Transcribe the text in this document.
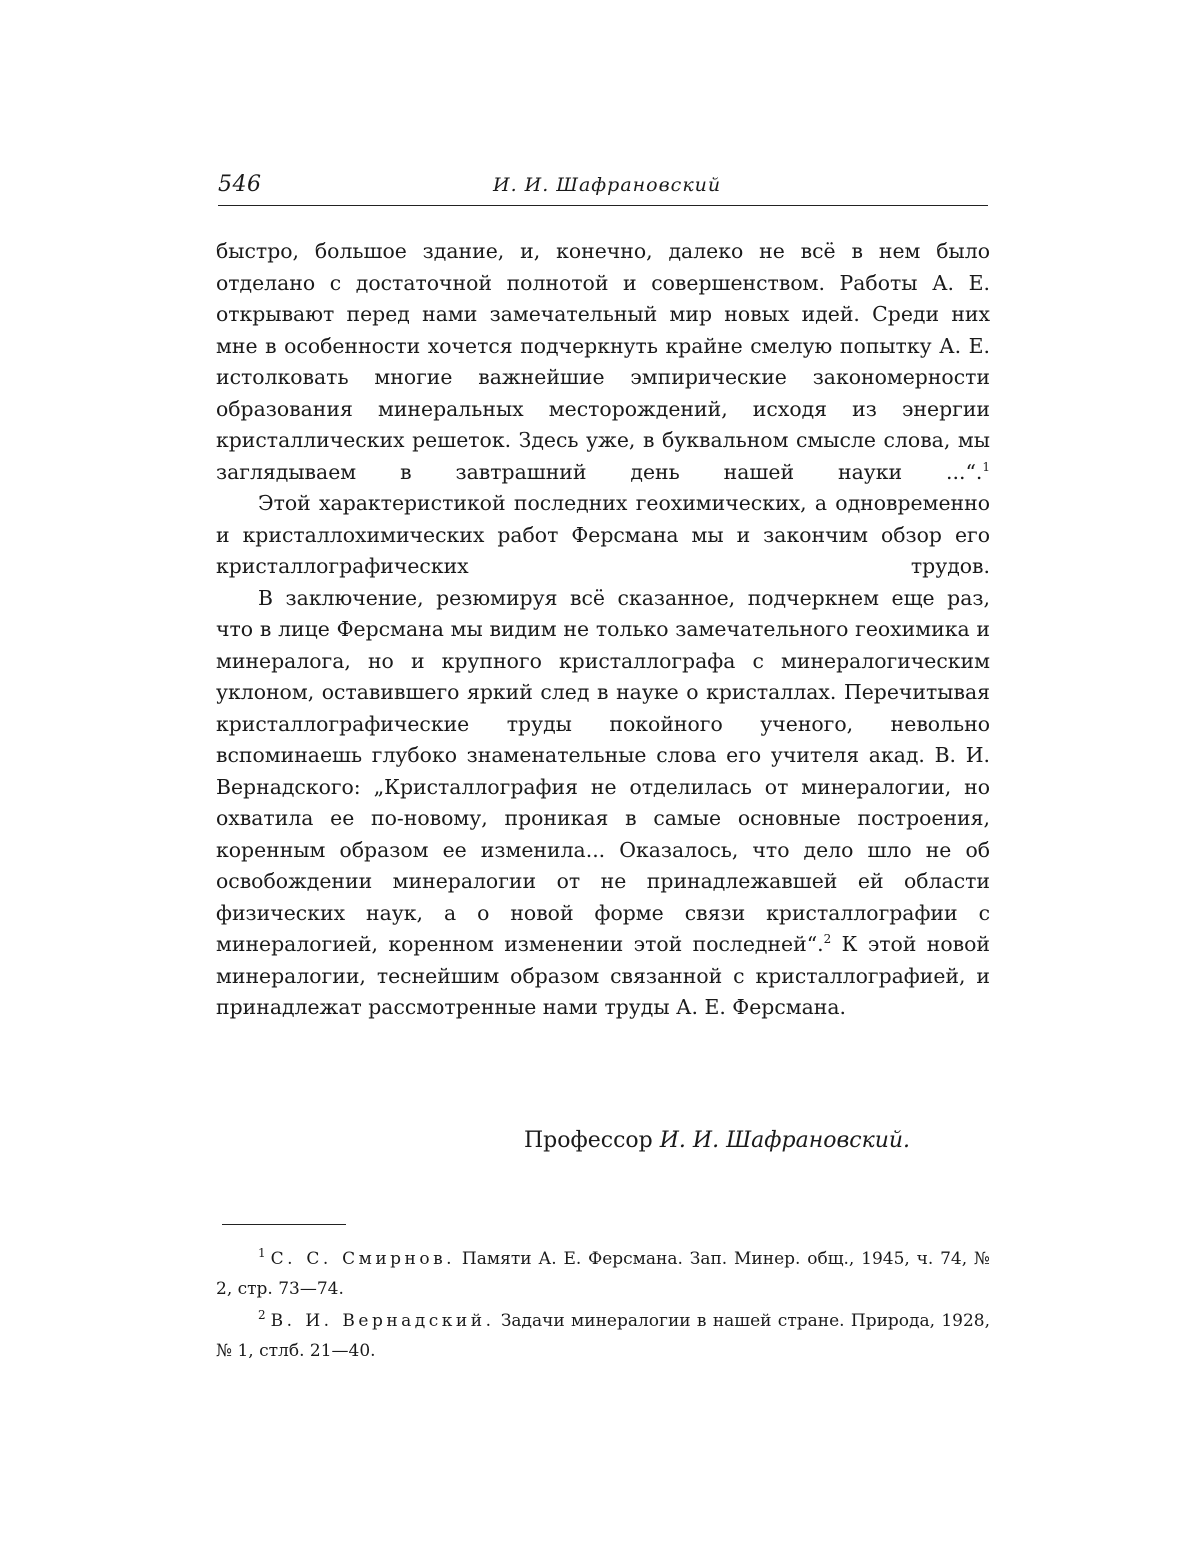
546	И. И. Шафрановский

быстро, большое здание, и, конечно, далеко не всё в нем было отделано с достаточной полнотой и совершенством. Работы А. Е. открывают перед нами замечательный мир новых идей. Среди них мне в особенности хочется подчеркнуть крайне смелую попытку А. Е. истолковать многие важнейшие эмпирические закономерности образования минеральных месторождений, исходя из энергии кристаллических решеток. Здесь уже, в буквальном смысле слова, мы заглядываем в завтрашний день нашей науки ...“.1

Этой характеристикой последних геохимических, а одновременно и кристаллохимических работ Ферсмана мы и закончим обзор его кристаллографических трудов.

В заключение, резюмируя всё сказанное, подчеркнем еще раз, что в лице Ферсмана мы видим не только замечательного геохимика и минералога, но и крупного кристаллографа с минералогическим уклоном, оставившего яркий след в науке о кристаллах. Перечитывая кристаллографические труды покойного ученого, невольно вспоминаешь глубоко знаменательные слова его учителя акад. В. И. Вернадского: „Кристаллография не отделилась от минералогии, но охватила ее по-новому, проникая в самые основные построения, коренным образом ее изменила... Оказалось, что дело шло не об освобождении минералогии от не принадлежавшей ей области физических наук, а о новой форме связи кристаллографии с минералогией, коренном изменении этой последней“.2 К этой новой минералогии, теснейшим образом связанной с кристаллографией, и принадлежат рассмотренные нами труды А. Е. Ферсмана.

Профессор И. И. Шафрановский.

1 С. С. Смирнов. Памяти А. Е. Ферсмана. Зап. Минер. общ., 1945, ч. 74, № 2, стр. 73—74.

2 В. И. Вернадский. Задачи минералогии в нашей стране. Природа, 1928, № 1, стлб. 21—40.
